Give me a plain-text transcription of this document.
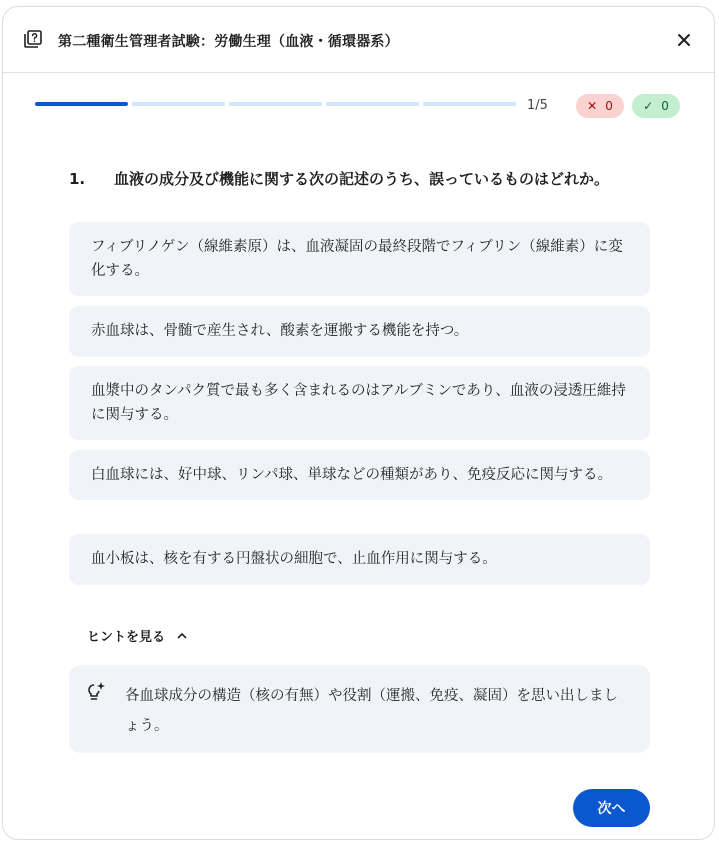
第二種衛生管理者試験：労働生理（血液・循環器系）
1/5	✕ 0	✓ 0
1. 血液の成分及び機能に関する次の記述のうち、誤っているものはどれか。
フィブリノゲン（線維素原）は、血液凝固の最終段階でフィブリン（線維素）に変化する。
赤血球は、骨髄で産生され、酸素を運搬する機能を持つ。
血漿中のタンパク質で最も多く含まれるのはアルブミンであり、血液の浸透圧維持に関与する。
白血球には、好中球、リンパ球、単球などの種類があり、免疫反応に関与する。
血小板は、核を有する円盤状の細胞で、止血作用に関与する。
ヒントを見る
各血球成分の構造（核の有無）や役割（運搬、免疫、凝固）を思い出しましょう。
次へ
